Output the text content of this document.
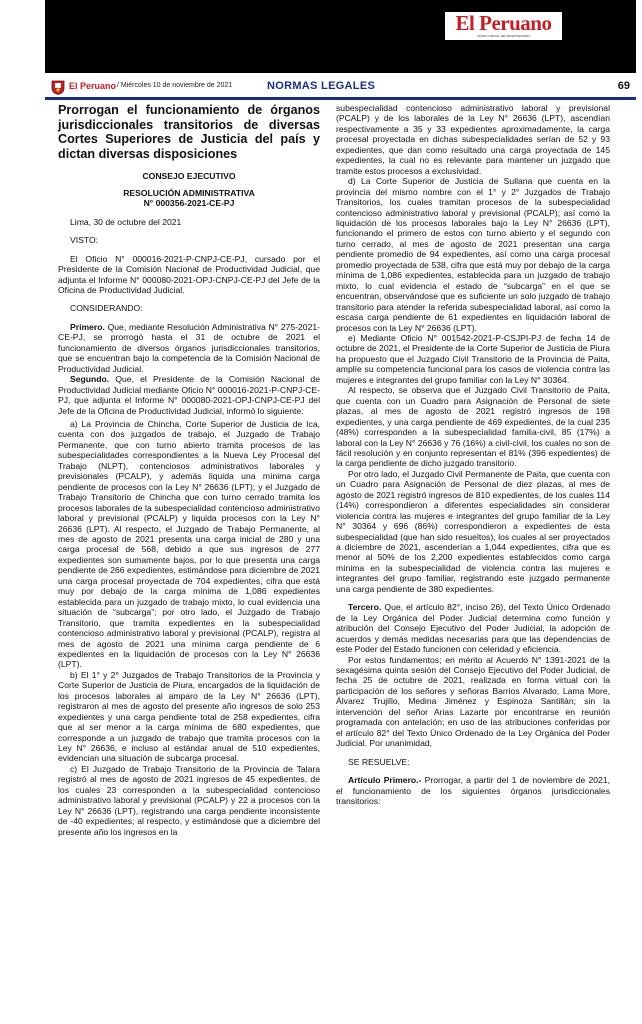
El Peruano
DIARIO OFICIAL DEL BICENTENARIO
El Peruano / Miércoles 10 de noviembre de 2021	NORMAS LEGALES	69
Prorrogan el funcionamiento de órganos jurisdiccionales transitorios de diversas Cortes Superiores de Justicia del país y dictan diversas disposiciones

CONSEJO EJECUTIVO

RESOLUCIÓN ADMINISTRATIVA

N° 000356-2021-CE-PJ

Lima, 30 de octubre del 2021

VISTO:

El Oficio N° 000016-2021-P-CNPJ-CE-PJ, cursado por el Presidente de la Comisión Nacional de Productividad Judicial, que adjunta el Informe N° 000080-2021-OPJ-CNPJ-CE-PJ del Jefe de la Oficina de Productividad Judicial.

CONSIDERANDO:

Primero. Que, mediante Resolución Administrativa N° 275-2021-CE-PJ, se prorrogó hasta el 31 de octubre de 2021 el funcionamiento de diversos órganos jurisdiccionales transitorios, que se encuentran bajo la competencia de la Comisión Nacional de Productividad Judicial.

Segundo. Que, el Presidente de la Comisión Nacional de Productividad Judicial mediante Oficio N° 000016-2021-P-CNPJ-CE-PJ, que adjunta el Informe N° 000080-2021-OPJ-CNPJ-CE-PJ del Jefe de la Oficina de Productividad Judicial, informó lo siguiente:

a) La Provincia de Chincha, Corte Superior de Justicia de Ica, cuenta con dos juzgados de trabajo, el Juzgado de Trabajo Permanente, que con turno abierto tramita procesos de las subespecialidades correspondientes a la Nueva Ley Procesal del Trabajo (NLPT), contenciosos administrativos laborales y previsionales (PCALP), y además liquida una mínima carga pendiente de procesos con la Ley N° 26636 (LPT); y el Juzgado de Trabajo Transitorio de Chincha que con turno cerrado tramita los procesos laborales de la subespecialidad contencioso administrativo laboral y previsional (PCALP) y liquida procesos con la Ley N° 26636 (LPT). Al respecto, el Juzgado de Trabajo Permanente, al mes de agosto de 2021 presenta una carga inicial de 280 y una carga procesal de 568, debido a que sus ingresos de 277 expedientes son sumamente bajos, por lo que presenta una carga pendiente de 266 expedientes, estimándose para diciembre de 2021 una carga procesal proyectada de 704 expedientes, cifra que está muy por debajo de la carga mínima de 1,086 expedientes establecida para un juzgado de trabajo mixto, lo cual evidencia una situación de “subcarga”; por otro lado, el Juzgado de Trabajo Transitorio, que tramita expedientes en la subespecialidad contencioso administrativo laboral y previsional (PCALP), registra al mes de agosto de 2021 una mínima carga pendiente de 6 expedientes en la liquidación de procesos con la Ley N° 26636 (LPT).

b) El 1° y 2° Juzgados de Trabajo Transitorios de la Provincia y Corte Superior de Justicia de Piura, encargados de la liquidación de los procesos laborales al amparo de la Ley N° 26636 (LPT), registraron al mes de agosto del presente año ingresos de solo 253 expedientes y una carga pendiente total de 258 expedientes, cifra que al ser menor a la carga mínima de 680 expedientes, que corresponde a un juzgado de trabajo que tramita procesos con la Ley N° 26636, e incluso al estándar anual de 510 expedientes, evidencian una situación de subcarga procesal.

c) El Juzgado de Trabajo Transitorio de la Provincia de Talara registró al mes de agosto de 2021 ingresos de 45 expedientes, de los cuales 23 corresponden a la subespecialidad contencioso administrativo laboral y previsional (PCALP) y 22 a procesos con la Ley N° 26636 (LPT), registrando una carga pendiente inconsistente de -40 expedientes; al respecto, y estimándose que a diciembre del presente año los ingresos en la

subespecialidad contencioso administrativo laboral y previsional (PCALP) y de los laborales de la Ley N° 26636 (LPT), ascendían respectivamente a 35 y 33 expedientes aproximadamente, la carga procesal proyectada en dichas subespecialidades serían de 52 y 93 expedientes, que dan como resultado una carga proyectada de 145 expedientes, la cual no es relevante para mantener un juzgado que tramite estos procesos a exclusividad.

d) La Corte Superior de Justicia de Sullana que cuenta en la provincia del mismo nombre con el 1° y 2° Juzgados de Trabajo Transitorios, los cuales tramitan procesos de la subespecialidad contencioso administrativo laboral y previsional (PCALP); así como la liquidación de los procesos laborales bajo la Ley N° 26636 (LPT), funcionando el primero de estos con turno abierto y el segundo con turno cerrado, al mes de agosto de 2021 presentan una carga pendiente promedio de 94 expedientes, así como una carga procesal promedio proyectada de 538, cifra que está muy por debajo de la carga mínima de 1,086 expedientes, establecida para un juzgado de trabajo mixto, lo cual evidencia el estado de “subcarga” en el que se encuentran, observándose que es suficiente un solo juzgado de trabajo transitorio para atender la referida subespecialidad laboral, así como la escasa carga pendiente de 61 expedientes en liquidación laboral de procesos con la Ley N° 26636 (LPT).

e) Mediante Oficio N° 001542-2021-P-CSJPI-PJ de fecha 14 de octubre de 2021, el Presidente de la Corte Superior de Justicia de Piura ha propuesto que el Juzgado Civil Transitorio de la Provincia de Paita, amplíe su competencia funcional para los casos de violencia contra las mujeres e integrantes del grupo familiar con la Ley N° 30364.

Al respecto, se observa que el Juzgado Civil Transitorio de Paita, que cuenta con un Cuadro para Asignación de Personal de siete plazas, al mes de agosto de 2021 registró ingresos de 198 expedientes, y una carga pendiente de 469 expedientes, de la cual 235 (48%) corresponden a la subespecialidad familia-civil, 85 (17%) a laboral con la Ley N° 26636 y 76 (16%) a civil-civil, los cuales no son de fácil resolución y en conjunto representan el 81% (396 expedientes) de la carga pendiente de dicho juzgado transitorio.

Por otro lado, el Juzgado Civil Permanente de Paita, que cuenta con un Cuadro para Asignación de Personal de diez plazas, al mes de agosto de 2021 registró ingresos de 810 expedientes, de los cuales 114 (14%) correspondieron a diferentes especialidades sin considerar violencia contra las mujeres e integrantes del grupo familiar de la Ley N° 30364 y 696 (86%) correspondieron a expedientes de esta subespecialidad (que han sido resueltos), los cuales al ser proyectados a diciembre de 2021, ascenderían a 1,044 expedientes, cifra que es menor al 50% de los 2,200 expedientes establecidos como carga mínima en la subespecialidad de violencia contra las mujeres e integrantes del grupo familiar, registrando este juzgado permanente una carga pendiente de 380 expedientes.

Tercero. Que, el artículo 82°, inciso 26), del Texto Único Ordenado de la Ley Orgánica del Poder Judicial determina como función y atribución del Consejo Ejecutivo del Poder Judicial, la adopción de acuerdos y demás medidas necesarias para que las dependencias de este Poder del Estado funcionen con celeridad y eficiencia.

Por estos fundamentos; en mérito al Acuerdo N° 1391-2021 de la sexagésima quinta sesión del Consejo Ejecutivo del Poder Judicial, de fecha 25 de octubre de 2021, realizada en forma virtual con la participación de los señores y señoras Barrios Alvarado, Lama More, Álvarez Trujillo, Medina Jiménez y Espinoza Santillán; sin la intervención del señor Arias Lazarte por encontrarse en reunión programada con antelación; en uso de las atribuciones conferidas por el artículo 82° del Texto Único Ordenado de la Ley Orgánica del Poder Judicial. Por unanimidad,

SE RESUELVE:

Artículo Primero.- Prorrogar, a partir del 1 de noviembre de 2021, el funcionamiento de los siguientes órganos jurisdiccionales transitorios:
